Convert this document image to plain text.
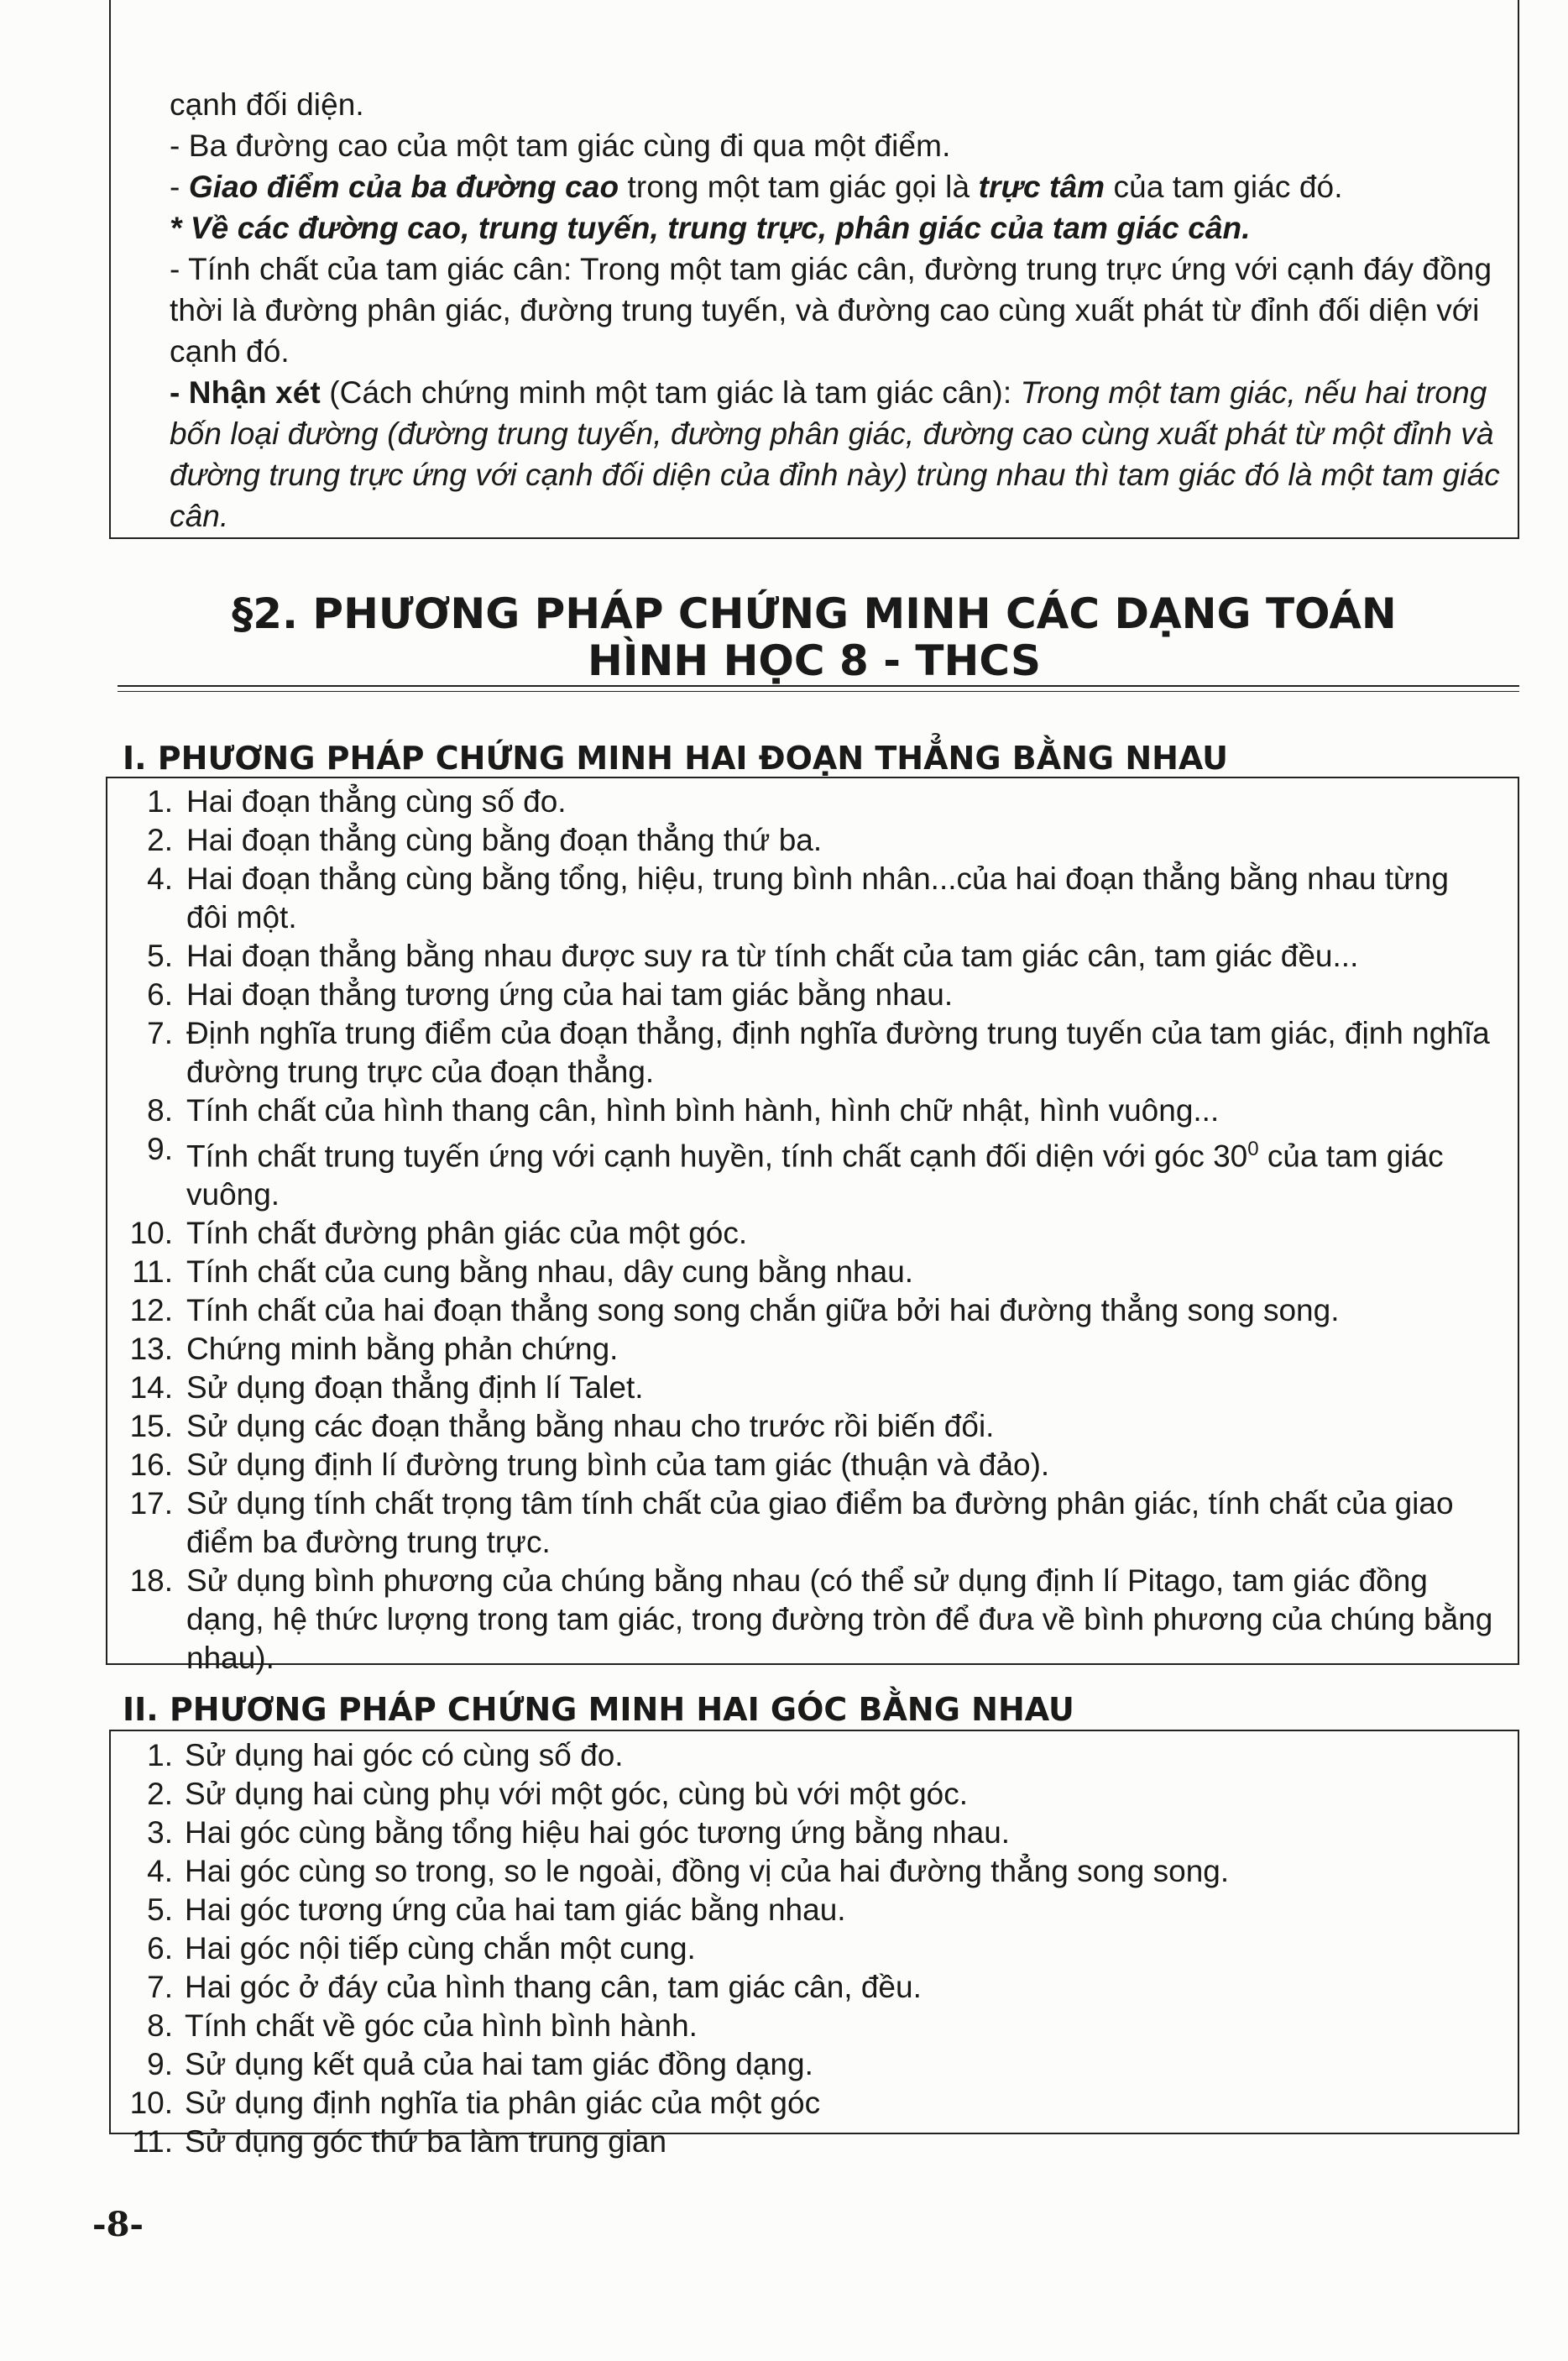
cạnh đối diện.

- Ba đường cao của một tam giác cùng đi qua một điểm.

- Giao điểm của ba đường cao trong một tam giác gọi là trực tâm của tam giác đó.

* Về các đường cao, trung tuyến, trung trực, phân giác của tam giác cân.

- Tính chất của tam giác cân: Trong một tam giác cân, đường trung trực ứng với cạnh đáy đồng thời là đường phân giác, đường trung tuyến, và đường cao cùng xuất phát từ đỉnh đối diện với cạnh đó.

- Nhận xét (Cách chứng minh một tam giác là tam giác cân): Trong một tam giác, nếu hai trong bốn loại đường (đường trung tuyến, đường phân giác, đường cao cùng xuất phát từ một đỉnh và đường trung trực ứng với cạnh đối diện của đỉnh này) trùng nhau thì tam giác đó là một tam giác cân.

§2. PHƯƠNG PHÁP CHỨNG MINH CÁC DẠNG TOÁN
HÌNH HỌC 8 - THCS
I. PHƯƠNG PHÁP CHỨNG MINH HAI ĐOẠN THẲNG BẰNG NHAU
1. Hai đoạn thẳng cùng số đo.
2. Hai đoạn thẳng cùng bằng đoạn thẳng thứ ba.
4. Hai đoạn thẳng cùng bằng tổng, hiệu, trung bình nhân...của hai đoạn thẳng bằng nhau từng đôi một.
5. Hai đoạn thẳng bằng nhau được suy ra từ tính chất của tam giác cân, tam giác đều...
6. Hai đoạn thẳng tương ứng của hai tam giác bằng nhau.
7. Định nghĩa trung điểm của đoạn thẳng, định nghĩa đường trung tuyến của tam giác, định nghĩa đường trung trực của đoạn thẳng.
8. Tính chất của hình thang cân, hình bình hành, hình chữ nhật, hình vuông...
9. Tính chất trung tuyến ứng với cạnh huyền, tính chất cạnh đối diện với góc $30^0$ của tam giác vuông.
10. Tính chất đường phân giác của một góc.
11. Tính chất của cung bằng nhau, dây cung bằng nhau.
12. Tính chất của hai đoạn thẳng song song chắn giữa bởi hai đường thẳng song song.
13. Chứng minh bằng phản chứng.
14. Sử dụng đoạn thẳng định lí Talet.
15. Sử dụng các đoạn thẳng bằng nhau cho trước rồi biến đổi.
16. Sử dụng định lí đường trung bình của tam giác (thuận và đảo).
17. Sử dụng tính chất trọng tâm tính chất của giao điểm ba đường phân giác, tính chất của giao điểm ba đường trung trực.
18. Sử dụng bình phương của chúng bằng nhau (có thể sử dụng định lí Pitago, tam giác đồng dạng, hệ thức lượng trong tam giác, trong đường tròn để đưa về bình phương của chúng bằng nhau).
II. PHƯƠNG PHÁP CHỨNG MINH HAI GÓC BẰNG NHAU
1. Sử dụng hai góc có cùng số đo.
2. Sử dụng hai cùng phụ với một góc, cùng bù với một góc.
3. Hai góc cùng bằng tổng hiệu hai góc tương ứng bằng nhau.
4. Hai góc cùng so trong, so le ngoài, đồng vị của hai đường thẳng song song.
5. Hai góc tương ứng của hai tam giác bằng nhau.
6. Hai góc nội tiếp cùng chắn một cung.
7. Hai góc ở đáy của hình thang cân, tam giác cân, đều.
8. Tính chất về góc của hình bình hành.
9. Sử dụng kết quả của hai tam giác đồng dạng.
10. Sử dụng định nghĩa tia phân giác của một góc
11. Sử dụng góc thứ ba làm trung gian

-8-
